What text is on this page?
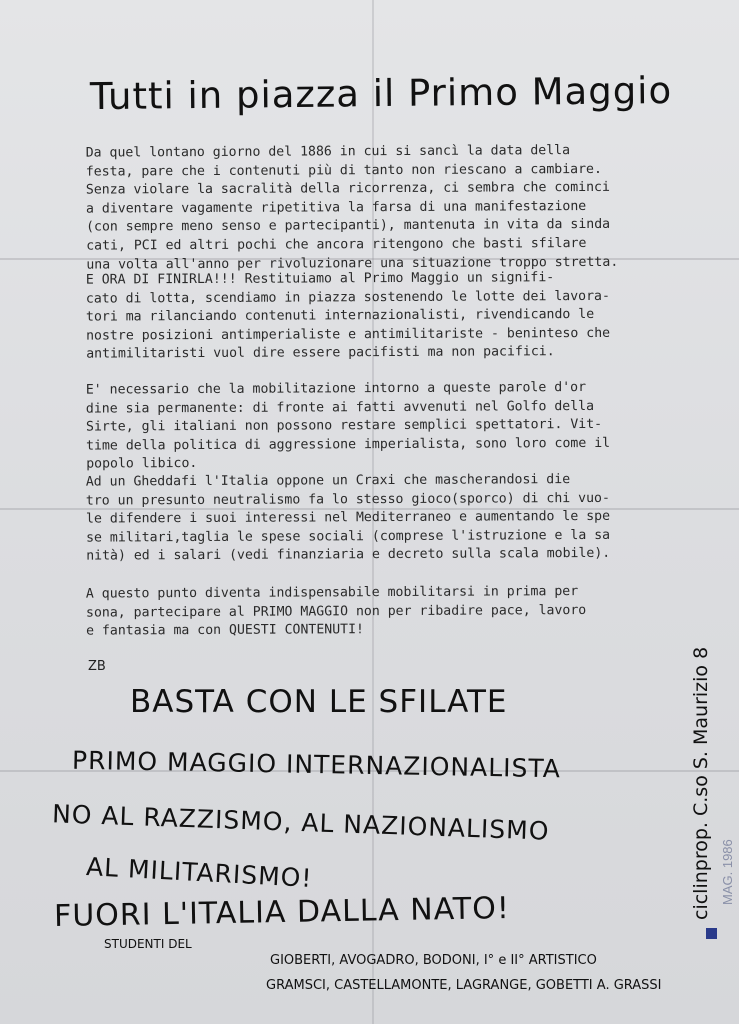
Tutti in piazza il Primo Maggio
Da quel lontano giorno del 1886 in cui si sancì la data della
festa, pare che i contenuti più di tanto non riescano a cambiare.
Senza violare la sacralità della ricorrenza, ci sembra che cominci
a diventare vagamente ripetitiva la farsa di una manifestazione
(con sempre meno senso e partecipanti), mantenuta in vita da sinda
cati, PCI ed altri pochi che ancora ritengono che basti sfilare
una volta all'anno per rivoluzionare una situazione troppo stretta.
E ORA DI FINIRLA!!! Restituiamo al Primo Maggio un signifi-
cato di lotta, scendiamo in piazza sostenendo le lotte dei lavora-
tori ma rilanciando contenuti internazionalisti, rivendicando le
nostre posizioni antimperialiste e antimilitariste - beninteso che
antimilitaristi vuol dire essere pacifisti ma non pacifici.
E' necessario che la mobilitazione intorno a queste parole d'or
dine sia permanente: di fronte ai fatti avvenuti nel Golfo della
Sirte, gli italiani non possono restare semplici spettatori. Vit-
time della politica di aggressione imperialista, sono loro come il
popolo libico.
Ad un Gheddafi l'Italia oppone un Craxi che mascherandosi die
tro un presunto neutralismo fa lo stesso gioco(sporco) di chi vuo-
le difendere i suoi interessi nel Mediterraneo e aumentando le spe
se militari,taglia le spese sociali (comprese l'istruzione e la sa
nità) ed i salari (vedi finanziaria e decreto sulla scala mobile).
A questo punto diventa indispensabile mobilitarsi in prima per
sona, partecipare al PRIMO MAGGIO non per ribadire pace, lavoro
e fantasia ma con QUESTI CONTENUTI!
ZB
BASTA CON LE SFILATE
PRIMO MAGGIO INTERNAZIONALISTA
NO AL RAZZISMO, AL NAZIONALISMO
AL MILITARISMO!
FUORI L'ITALIA DALLA NATO!
STUDENTI DEL
GIOBERTI, AVOGADRO, BODONI, I° e II° ARTISTICO
GRAMSCI, CASTELLAMONTE, LAGRANGE, GOBETTI A. GRASSI
ciclinprop. C.so S. Maurizio 8 MAG. 1986
